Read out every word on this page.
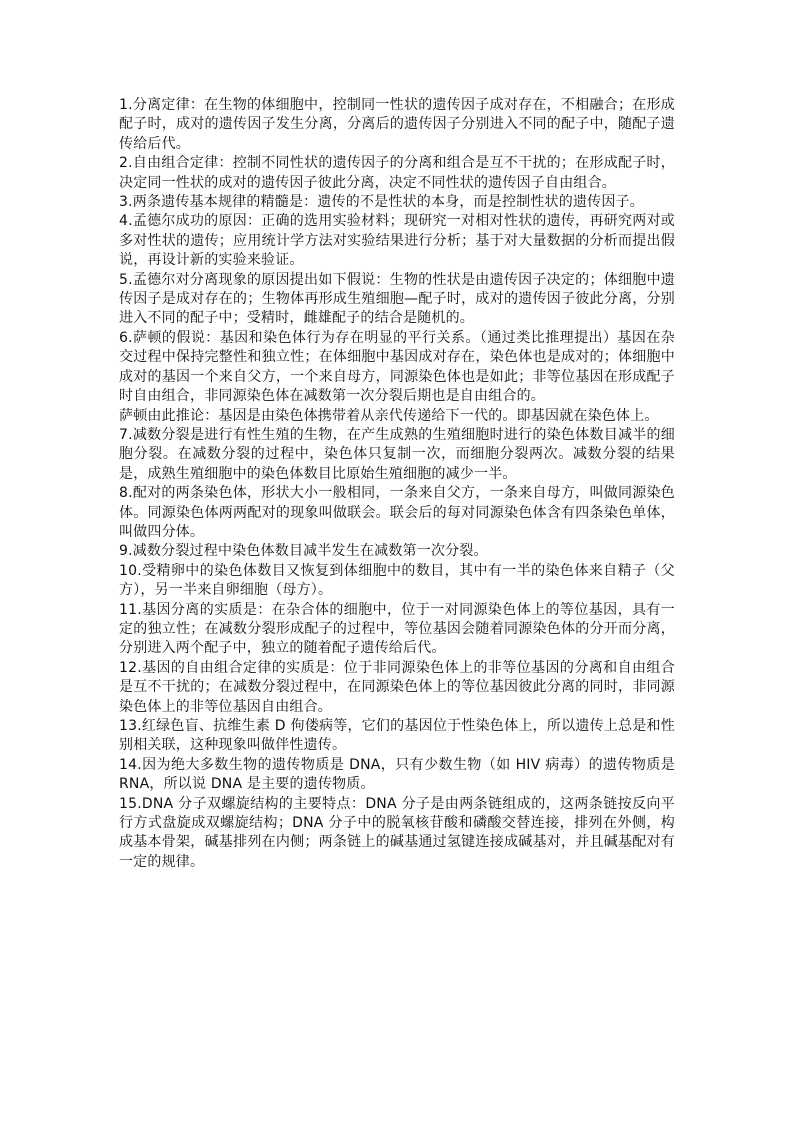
1.分离定律：在生物的体细胞中，控制同一性状的遗传因子成对存在，不相融合；在形成配子时，成对的遗传因子发生分离，分离后的遗传因子分别进入不同的配子中，随配子遗传给后代。

2.自由组合定律：控制不同性状的遗传因子的分离和组合是互不干扰的；在形成配子时，决定同一性状的成对的遗传因子彼此分离，决定不同性状的遗传因子自由组合。

3.两条遗传基本规律的精髓是：遗传的不是性状的本身，而是控制性状的遗传因子。

4.孟德尔成功的原因：正确的选用实验材料；现研究一对相对性状的遗传，再研究两对或多对性状的遗传；应用统计学方法对实验结果进行分析；基于对大量数据的分析而提出假说，再设计新的实验来验证。

5.孟德尔对分离现象的原因提出如下假说：生物的性状是由遗传因子决定的；体细胞中遗传因子是成对存在的；生物体再形成生殖细胞—配子时，成对的遗传因子彼此分离，分别进入不同的配子中；受精时，雌雄配子的结合是随机的。

6.萨顿的假说：基因和染色体行为存在明显的平行关系。（通过类比推理提出）基因在杂交过程中保持完整性和独立性；在体细胞中基因成对存在，染色体也是成对的；体细胞中成对的基因一个来自父方，一个来自母方，同源染色体也是如此；非等位基因在形成配子时自由组合，非同源染色体在减数第一次分裂后期也是自由组合的。

萨顿由此推论：基因是由染色体携带着从亲代传递给下一代的。即基因就在染色体上。

7.减数分裂是进行有性生殖的生物，在产生成熟的生殖细胞时进行的染色体数目减半的细胞分裂。在减数分裂的过程中，染色体只复制一次，而细胞分裂两次。减数分裂的结果是，成熟生殖细胞中的染色体数目比原始生殖细胞的减少一半。

8.配对的两条染色体，形状大小一般相同，一条来自父方，一条来自母方，叫做同源染色体。同源染色体两两配对的现象叫做联会。联会后的每对同源染色体含有四条染色单体，叫做四分体。

9.减数分裂过程中染色体数目减半发生在减数第一次分裂。

10.受精卵中的染色体数目又恢复到体细胞中的数目，其中有一半的染色体来自精子（父方），另一半来自卵细胞（母方）。

11.基因分离的实质是：在杂合体的细胞中，位于一对同源染色体上的等位基因，具有一定的独立性；在减数分裂形成配子的过程中，等位基因会随着同源染色体的分开而分离，分别进入两个配子中，独立的随着配子遗传给后代。

12.基因的自由组合定律的实质是：位于非同源染色体上的非等位基因的分离和自由组合是互不干扰的；在减数分裂过程中，在同源染色体上的等位基因彼此分离的同时，非同源染色体上的非等位基因自由组合。

13.红绿色盲、抗维生素 D 佝偻病等，它们的基因位于性染色体上，所以遗传上总是和性别相关联，这种现象叫做伴性遗传。

14.因为绝大多数生物的遗传物质是 DNA，只有少数生物（如 HIV 病毒）的遗传物质是 RNA，所以说 DNA 是主要的遗传物质。

15.DNA 分子双螺旋结构的主要特点：DNA 分子是由两条链组成的，这两条链按反向平行方式盘旋成双螺旋结构；DNA 分子中的脱氧核苷酸和磷酸交替连接，排列在外侧，构成基本骨架，碱基排列在内侧；两条链上的碱基通过氢键连接成碱基对，并且碱基配对有一定的规律。
